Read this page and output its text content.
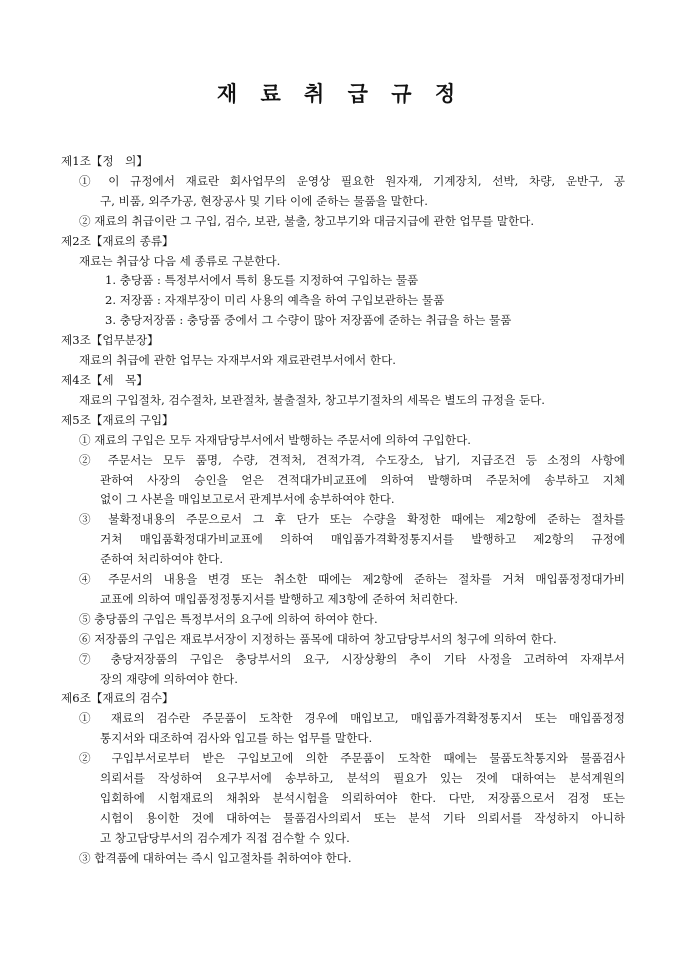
재 료 취 급 규 정
제1조【정　의】
① 이 규정에서 재료란 회사업무의 운영상 필요한 원자재, 기계장치, 선박, 차량, 운반구, 공
구, 비품, 외주가공, 현장공사 및 기타 이에 준하는 물품을 말한다.
② 재료의 취급이란 그 구입, 검수, 보관, 불출, 창고부기와 대금지급에 관한 업무를 말한다.
제2조【재료의 종류】
재료는 취급상 다음 세 종류로 구분한다.
1. 충당품 : 특정부서에서 특히 용도를 지정하여 구입하는 물품
2. 저장품 : 자재부장이 미리 사용의 예측을 하여 구입보관하는 물품
3. 충당저장품 : 충당품 중에서 그 수량이 많아 저장품에 준하는 취급을 하는 물품
제3조【업무분장】
재료의 취급에 관한 업무는 자재부서와 재료관련부서에서 한다.
제4조【세　목】
재료의 구입절차, 검수절차, 보관절차, 불출절차, 창고부기절차의 세목은 별도의 규정을 둔다.
제5조【재료의 구입】
① 재료의 구입은 모두 자재담당부서에서 발행하는 주문서에 의하여 구입한다.
② 주문서는 모두 품명, 수량, 견적처, 견적가격, 수도장소, 납기, 지급조건 등 소정의 사항에
관하여 사장의 승인을 얻은 견적대가비교표에 의하여 발행하며 주문처에 송부하고 지체
없이 그 사본을 매입보고로서 관계부서에 송부하여야 한다.
③ 불확정내용의 주문으로서 그 후 단가 또는 수량을 확정한 때에는 제2항에 준하는 절차를
거쳐 매입품확정대가비교표에 의하여 매입품가격확정통지서를 발행하고 제2항의 규정에
준하여 처리하여야 한다.
④ 주문서의 내용을 변경 또는 취소한 때에는 제2항에 준하는 절차를 거쳐 매입품정정대가비
교표에 의하여 매입품정정통지서를 발행하고 제3항에 준하여 처리한다.
⑤ 충당품의 구입은 특정부서의 요구에 의하여 하여야 한다.
⑥ 저장품의 구입은 재료부서장이 지정하는 품목에 대하여 창고담당부서의 청구에 의하여 한다.
⑦ 충당저장품의 구입은 충당부서의 요구, 시장상황의 추이 기타 사정을 고려하여 자재부서
장의 재량에 의하여야 한다.
제6조【재료의 검수】
① 재료의 검수란 주문품이 도착한 경우에 매입보고, 매입품가격확정통지서 또는 매입품정정
통지서와 대조하여 검사와 입고를 하는 업무를 말한다.
② 구입부서로부터 받은 구입보고에 의한 주문품이 도착한 때에는 물품도착통지와 물품검사
의뢰서를 작성하여 요구부서에 송부하고, 분석의 필요가 있는 것에 대하여는 분석계원의
입회하에 시험재료의 채취와 분석시험을 의뢰하여야 한다. 다만, 저장품으로서 검정 또는
시험이 용이한 것에 대하여는 물품검사의뢰서 또는 분석 기타 의뢰서를 작성하지 아니하
고 창고담당부서의 검수계가 직접 검수할 수 있다.
③ 합격품에 대하여는 즉시 입고절차를 취하여야 한다.
